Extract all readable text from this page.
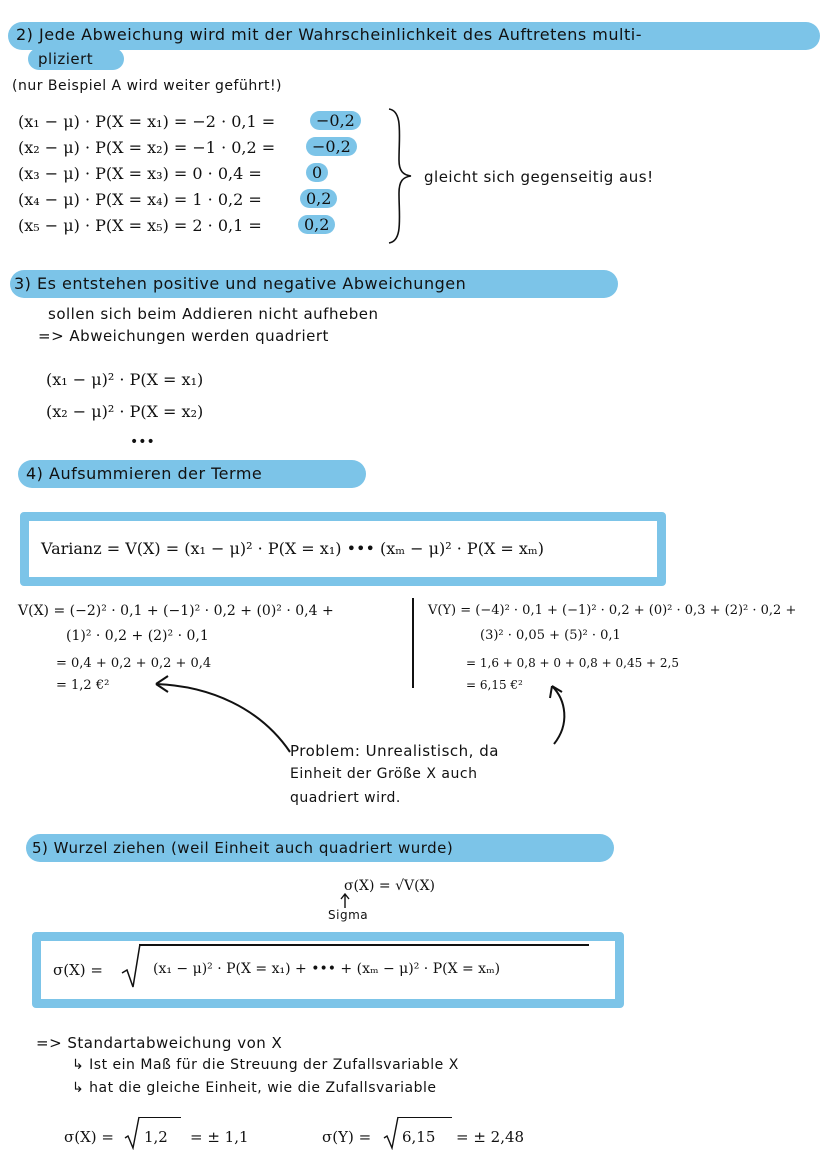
2) Jede Abweichung wird mit der Wahrscheinlichkeit des Auftretens multi-
pliziert
(nur Beispiel A wird weiter geführt!)
(x₁ − μ) · P(X = x₁) = −2 · 0,1 =	−0,2
(x₂ − μ) · P(X = x₂) = −1 · 0,2 =	−0,2
(x₃ − μ) · P(X = x₃) = 0 · 0,4 =	0
(x₄ − μ) · P(X = x₄) = 1 · 0,2 =	0,2
(x₅ − μ) · P(X = x₅) = 2 · 0,1 =	0,2
gleicht sich gegenseitig aus!
3) Es entstehen positive und negative Abweichungen
sollen sich beim Addieren nicht aufheben
=> Abweichungen werden quadriert
(x₁ − μ)² · P(X = x₁)
(x₂ − μ)² · P(X = x₂)
•••
4) Aufsummieren der Terme
Varianz = V(X) = (x₁ − μ)² · P(X = x₁) ••• (xₘ − μ)² · P(X = xₘ)
V(X) = (−2)² · 0,1 + (−1)² · 0,2 + (0)² · 0,4 +
(1)² · 0,2 + (2)² · 0,1
= 0,4 + 0,2 + 0,2 + 0,4
= 1,2 €²
V(Y) = (−4)² · 0,1 + (−1)² · 0,2 + (0)² · 0,3 + (2)² · 0,2 +
(3)² · 0,05 + (5)² · 0,1
= 1,6 + 0,8 + 0 + 0,8 + 0,45 + 2,5
= 6,15 €²
Problem: Unrealistisch, da
Einheit der Größe X auch
quadriert wird.
5) Wurzel ziehen (weil Einheit auch quadriert wurde)
σ(X) = √V(X)
Sigma
σ(X) =	(x₁ − μ)² · P(X = x₁) + ••• + (xₘ − μ)² · P(X = xₘ)
=> Standartabweichung von X
↳ Ist ein Maß für die Streuung der Zufallsvariable X
↳ hat die gleiche Einheit, wie die Zufallsvariable
σ(X) = 1,2 = ± 1,1	σ(Y) = 6,15 = ± 2,48
